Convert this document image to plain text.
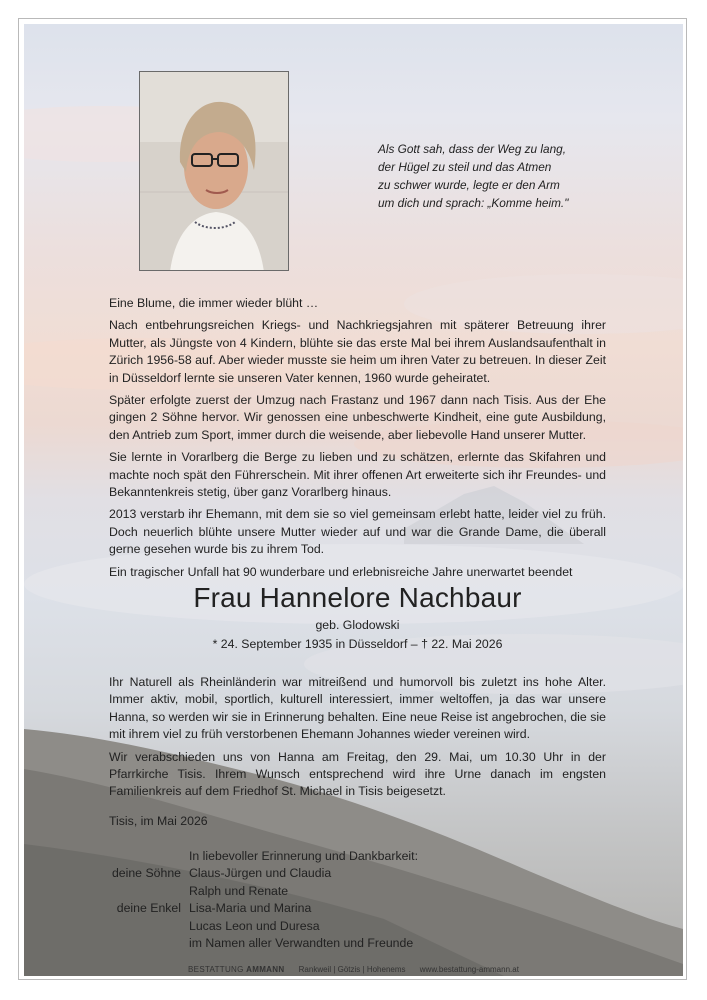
Als Gott sah, dass der Weg zu lang,
der Hügel zu steil und das Atmen
zu schwer wurde, legte er den Arm
um dich und sprach: „Komme heim."

Eine Blume, die immer wieder blüht …

Nach entbehrungsreichen Kriegs- und Nachkriegsjahren mit späterer Betreuung ihrer Mutter, als Jüngste von 4 Kindern, blühte sie das erste Mal bei ihrem Auslandsaufenthalt in Zürich 1956-58 auf. Aber wieder musste sie heim um ihren Vater zu betreuen. In dieser Zeit in Düsseldorf lernte sie unseren Vater kennen, 1960 wurde geheiratet.

Später erfolgte zuerst der Umzug nach Frastanz und 1967 dann nach Tisis. Aus der Ehe gingen 2 Söhne hervor. Wir genossen eine unbeschwerte Kindheit, eine gute Ausbildung, den Antrieb zum Sport, immer durch die weisende, aber liebevolle Hand unserer Mutter.

Sie lernte in Vorarlberg die Berge zu lieben und zu schätzen, erlernte das Skifahren und machte noch spät den Führerschein. Mit ihrer offenen Art erweiterte sich ihr Freundes- und Bekanntenkreis stetig, über ganz Vorarlberg hinaus.

2013 verstarb ihr Ehemann, mit dem sie so viel gemeinsam erlebt hatte, leider viel zu früh. Doch neuerlich blühte unsere Mutter wieder auf und war die Grande Dame, die überall gerne gesehen wurde bis zu ihrem Tod.

Ein tragischer Unfall hat 90 wunderbare und erlebnisreiche Jahre unerwartet beendet

Frau Hannelore Nachbaur
geb. Glodowski
* 24. September 1935 in Düsseldorf – † 22. Mai 2026

Ihr Naturell als Rheinländerin war mitreißend und humorvoll bis zuletzt ins hohe Alter. Immer aktiv, mobil, sportlich, kulturell interessiert, immer weltoffen, ja das war unsere Hanna, so werden wir sie in Erinnerung behalten. Eine neue Reise ist angebrochen, die sie mit ihrem viel zu früh verstorbenen Ehemann Johannes wieder vereinen wird.

Wir verabschieden uns von Hanna am Freitag, den 29. Mai, um 10.30 Uhr in der Pfarrkirche Tisis. Ihrem Wunsch entsprechend wird ihre Urne danach im engsten Familienkreis auf dem Friedhof St. Michael in Tisis beigesetzt.

Tisis, im Mai 2026
In liebevoller Erinnerung und Dankbarkeit:
deine Söhne Claus-Jürgen und Claudia
Ralph und Renate
deine Enkel Lisa-Maria und Marina
Lucas Leon und Duresa
im Namen aller Verwandten und Freunde
BESTATTUNG AMMANN Rankweil | Götzis | Hohenems www.bestattung-ammann.at
